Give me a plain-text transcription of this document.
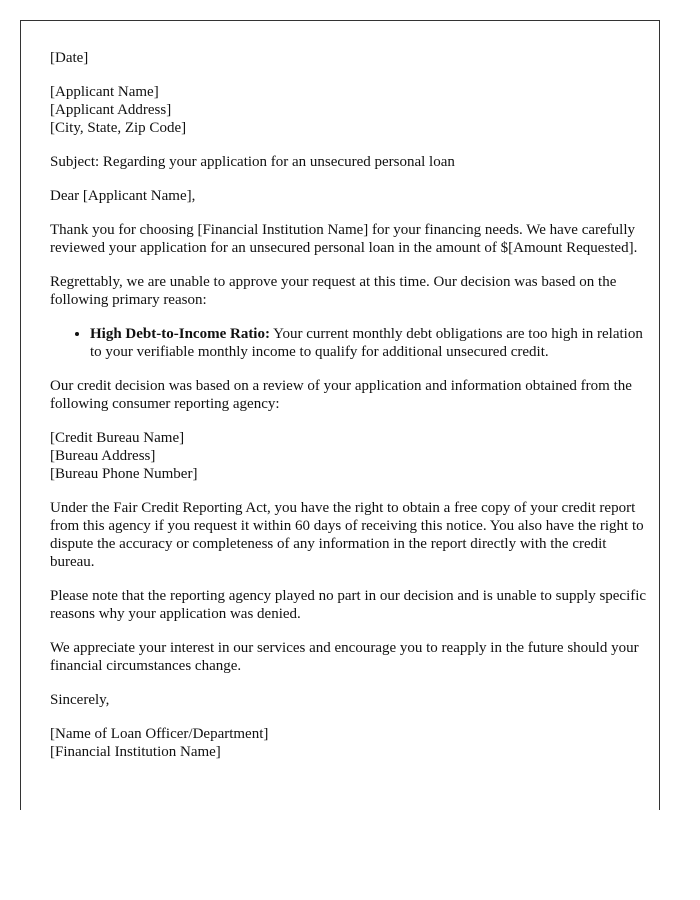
[Date]

[Applicant Name]
[Applicant Address]
[City, State, Zip Code]

Subject: Regarding your application for an unsecured personal loan

Dear [Applicant Name],

Thank you for choosing [Financial Institution Name] for your financing needs. We have carefully reviewed your application for an unsecured personal loan in the amount of $[Amount Requested].

Regrettably, we are unable to approve your request at this time. Our decision was based on the following primary reason:

• High Debt-to-Income Ratio: Your current monthly debt obligations are too high in relation to your verifiable monthly income to qualify for additional unsecured credit.

Our credit decision was based on a review of your application and information obtained from the following consumer reporting agency:

[Credit Bureau Name]
[Bureau Address]
[Bureau Phone Number]

Under the Fair Credit Reporting Act, you have the right to obtain a free copy of your credit report from this agency if you request it within 60 days of receiving this notice. You also have the right to dispute the accuracy or completeness of any information in the report directly with the credit bureau.

Please note that the reporting agency played no part in our decision and is unable to supply specific reasons why your application was denied.

We appreciate your interest in our services and encourage you to reapply in the future should your financial circumstances change.

Sincerely,

[Name of Loan Officer/Department]
[Financial Institution Name]
